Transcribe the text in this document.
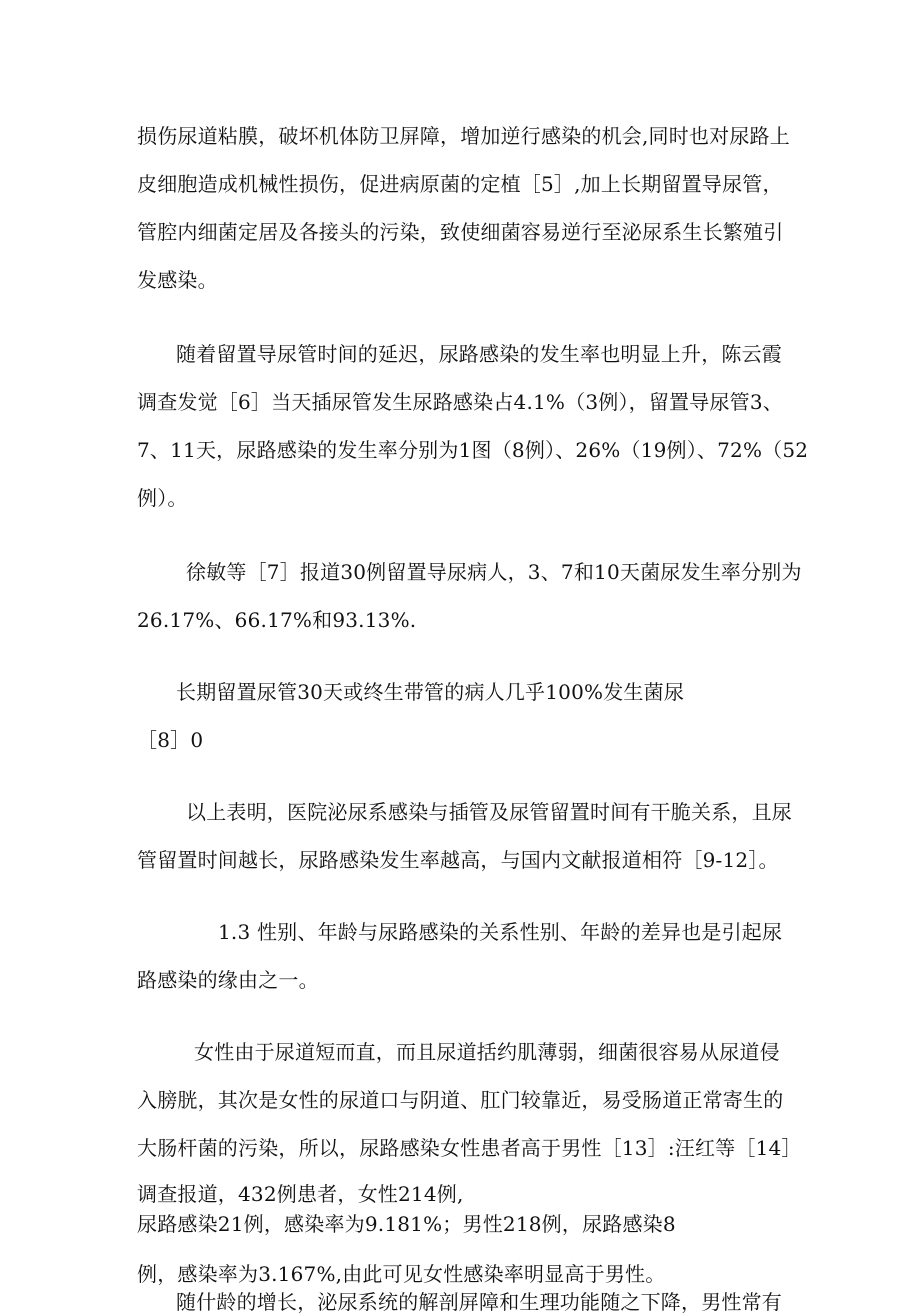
损伤尿道粘膜，破坏机体防卫屏障，增加逆行感染的机会,同时也对尿路上
皮细胞造成机械性损伤，促进病原菌的定植［5］,加上长期留置导尿管，
管腔内细菌定居及各接头的污染，致使细菌容易逆行至泌尿系生长繁殖引
发感染。
随着留置导尿管时间的延迟，尿路感染的发生率也明显上升，陈云霞
调查发觉［6］当天插尿管发生尿路感染占4.1%（3例），留置导尿管3、
7、11天，尿路感染的发生率分别为1图（8例）、26%（19例）、72%（52
例）。
徐敏等［7］报道30例留置导尿病人，3、7和10天菌尿发生率分别为
26.17%、66.17%和93.13%.
长期留置尿管30天或终生带管的病人几乎100%发生菌尿
［8］0
以上表明，医院泌尿系感染与插管及尿管留置时间有干脆关系，且尿
管留置时间越长，尿路感染发生率越高，与国内文献报道相符［9-12］。
1.3 性别、年龄与尿路感染的关系性别、年龄的差异也是引起尿
路感染的缘由之一。
女性由于尿道短而直，而且尿道括约肌薄弱，细菌很容易从尿道侵
入膀胱，其次是女性的尿道口与阴道、肛门较靠近，易受肠道正常寄生的
大肠杆菌的污染，所以，尿路感染女性患者高于男性［13］:汪红等［14］
调查报道，432例患者，女性214例,
尿路感染21例，感染率为9.181%；男性218例，尿路感染8
例，感染率为3.167%,由此可见女性感染率明显高于男性。
随什龄的增长，泌尿系统的解剖屏障和生理功能随之下降，男性常有
